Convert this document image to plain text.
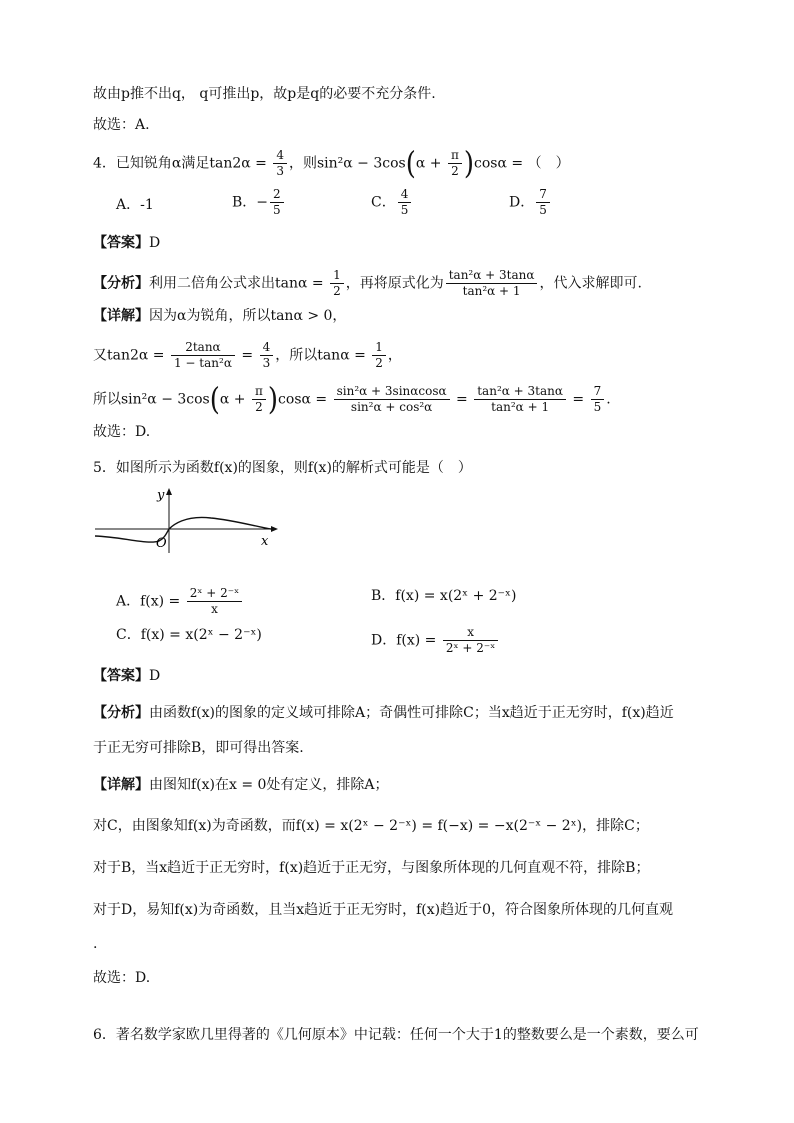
故由p推不出q， q可推出p，故p是q的必要不充分条件.
故选：A.
4．已知锐角α满足$\tan 2\alpha = \frac{4}{3}$ ，则$\sin^2\alpha - 3\cos(\alpha + \frac{\pi}{2} )\cos\alpha$ = （　）
A．-1	B．− $\frac{2}{5}$	C． $\frac{4}{5}$	D． $\frac{7}{5}$
【答案】D
【分析】利用二倍角公式求出$\tan\alpha = \frac{1}{2}$ ，再将原式化为 $\frac{\text{tan²α + 3tanα}}{\text{tan²α + 1}}$ ，代入求解即可.
【详解】因为α为锐角，所以tanα > 0，
又$\tan 2\alpha = \frac{2\tan\alpha}{\text{1 − tan²α}} = \frac{4}{3}$ ，所以$\tan\alpha = \frac{1}{2}$ ，
所以$\sin^2\alpha - 3\cos(\alpha + \frac{\pi}{2} )\cos\alpha = \frac{\text{sin²α + 3sinαcosα}}{\text{sin²α + cos²α}} = \frac{\text{tan²α + 3tanα}}{\text{tan²α + 1}} = \frac{7}{5}$ .
故选：D.
5．如图所示为函数f(x)的图象，则f(x)的解析式可能是（　）
y
x
O
A．$f(x) = \frac{\text{2ˣ + 2⁻ˣ}}{x}$	B．f(x) = x(2ˣ + 2⁻ˣ)
C．f(x) = x(2ˣ − 2⁻ˣ)	D．$f(x) = \frac{x}{\text{2ˣ + 2⁻ˣ}}$
【答案】D
【分析】由函数f(x)的图象的定义域可排除A；奇偶性可排除C；当x趋近于正无穷时，f(x)趋近
于正无穷可排除B，即可得出答案.
【详解】由图知f(x)在x = 0处有定义，排除A；
对C，由图象知f(x)为奇函数，而f(x) = x(2ˣ − 2⁻ˣ) = f(−x) = −x(2⁻ˣ − 2ˣ)，排除C；
对于B，当x趋近于正无穷时，f(x)趋近于正无穷，与图象所体现的几何直观不符，排除B；
对于D，易知f(x)为奇函数，且当x趋近于正无穷时，f(x)趋近于0，符合图象所体现的几何直观
.
故选：D.
6．著名数学家欧几里得著的《几何原本》中记载：任何一个大于1的整数要么是一个素数，要么可
